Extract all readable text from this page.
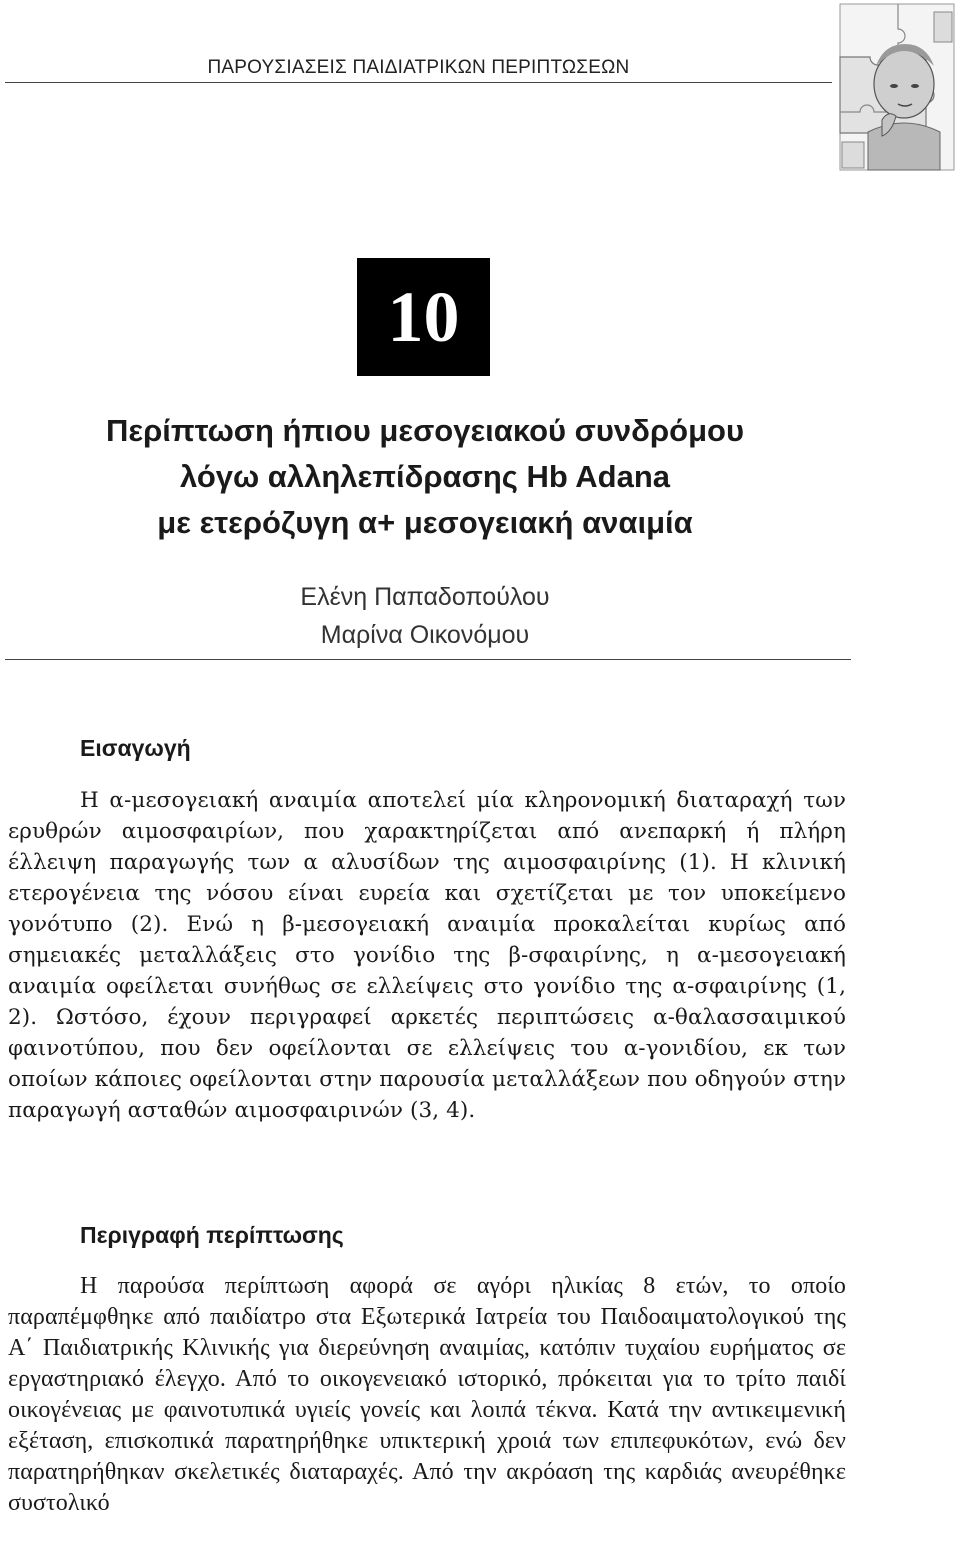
ΠΑΡΟΥΣΙΑΣΕΙΣ ΠΑΙΔΙΑΤΡΙΚΩΝ ΠΕΡΙΠΤΩΣΕΩΝ
10
Περίπτωση ήπιου μεσογειακού συνδρόμου
λόγω αλληλεπίδρασης Hb Adana
με ετερόζυγη α+ μεσογειακή αναιμία
Ελένη Παπαδοπούλου
Μαρίνα Οικονόμου
Εισαγωγή

Η α-μεσογειακή αναιμία αποτελεί μία κληρονομική διαταραχή των ερυθρών αιμοσφαιρίων, που χαρακτηρίζεται από ανεπαρκή ή πλήρη έλλειψη παραγωγής των α αλυσίδων της αιμοσφαιρίνης (1). Η κλινική ετερογένεια της νόσου είναι ευρεία και σχετίζεται με τον υποκείμενο γονότυπο (2). Ενώ η β-μεσογειακή αναιμία προκαλείται κυρίως από σημειακές μεταλλάξεις στο γονίδιο της β-σφαιρίνης, η α-μεσογειακή αναιμία οφείλεται συνήθως σε ελλείψεις στο γονίδιο της α-σφαιρίνης (1, 2). Ωστόσο, έχουν περιγραφεί αρκετές περιπτώσεις α-θαλασσαιμικού φαινοτύπου, που δεν οφείλονται σε ελλείψεις του α-γονιδίου, εκ των οποίων κάποιες οφείλονται στην παρουσία μεταλλάξεων που οδηγούν στην παραγωγή ασταθών αιμοσφαιρινών (3, 4).

Περιγραφή περίπτωσης

Η παρούσα περίπτωση αφορά σε αγόρι ηλικίας 8 ετών, το οποίο παραπέμφθηκε από παιδίατρο στα Εξωτερικά Ιατρεία του Παιδοαιματολογικού της Α΄ Παιδιατρικής Κλινικής για διερεύνηση αναιμίας, κατόπιν τυχαίου ευρήματος σε εργαστηριακό έλεγχο. Από το οικογενειακό ιστορικό, πρόκειται για το τρίτο παιδί οικογένειας με φαινοτυπικά υγιείς γονείς και λοιπά τέκνα. Κατά την αντικειμενική εξέταση, επισκοπικά παρατηρήθηκε υπικτερική χροιά των επιπεφυκότων, ενώ δεν παρατηρήθηκαν σκελετικές διαταραχές. Από την ακρόαση της καρδιάς ανευρέθηκε συστολικό
